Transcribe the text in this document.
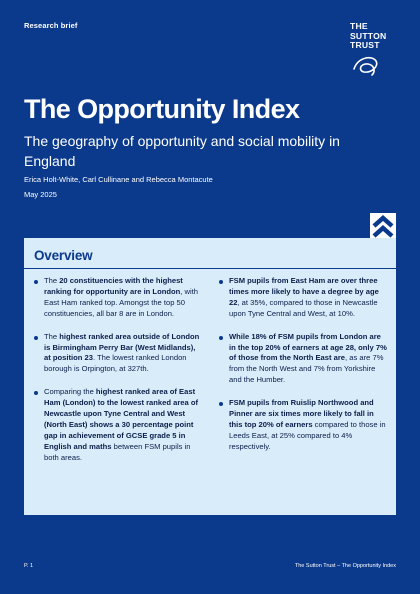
Research brief	THE
SUTTON
TRUST
The Opportunity Index
The geography of opportunity and social mobility in England
Erica Holt-White, Carl Cullinane and Rebecca Montacute
May 2025
Overview
The 20 constituencies with the highest ranking for opportunity are in London, with East Ham ranked top. Amongst the top 50 constituencies, all bar 8 are in London.
The highest ranked area outside of London is Birmingham Perry Bar (West Midlands), at position 23. The lowest ranked London borough is Orpington, at 327th.
Comparing the highest ranked area of East Ham (London) to the lowest ranked area of Newcastle upon Tyne Central and West (North East) shows a 30 percentage point gap in achievement of GCSE grade 5 in English and maths between FSM pupils in both areas.
FSM pupils from East Ham are over three times more likely to have a degree by age 22, at 35%, compared to those in Newcastle upon Tyne Central and West, at 10%.
While 18% of FSM pupils from London are in the top 20% of earners at age 28, only 7% of those from the North East are, as are 7% from the North West and 7% from Yorkshire and the Humber.
FSM pupils from Ruislip Northwood and Pinner are six times more likely to fall in this top 20% of earners compared to those in Leeds East, at 25% compared to 4% respectively.
P. 1	The Sutton Trust – The Opportunity Index
